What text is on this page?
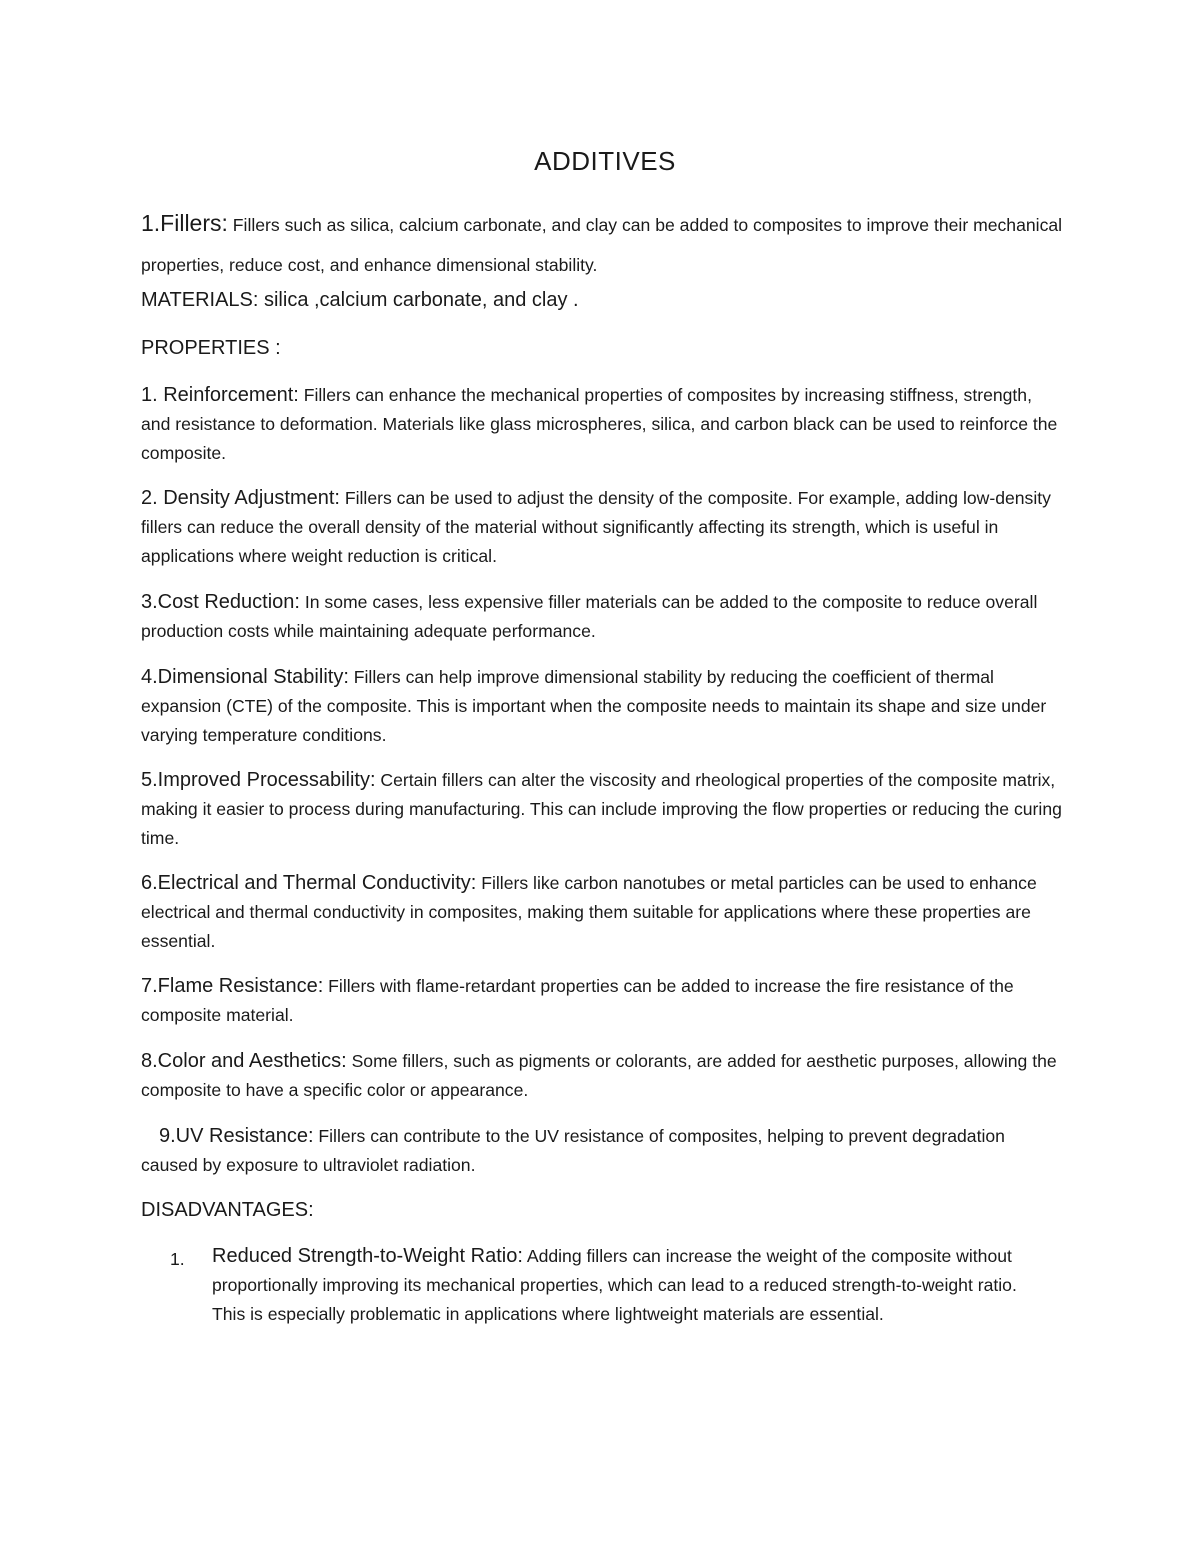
ADDITIVES
1.Fillers: Fillers such as silica, calcium carbonate, and clay can be added to composites to improve their mechanical properties, reduce cost, and enhance dimensional stability.
MATERIALS: silica ,calcium carbonate, and clay .
PROPERTIES :
1. Reinforcement: Fillers can enhance the mechanical properties of composites by increasing stiffness, strength, and resistance to deformation. Materials like glass microspheres, silica, and carbon black can be used to reinforce the composite.
2. Density Adjustment: Fillers can be used to adjust the density of the composite. For example, adding low-density fillers can reduce the overall density of the material without significantly affecting its strength, which is useful in applications where weight reduction is critical.
3.Cost Reduction: In some cases, less expensive filler materials can be added to the composite to reduce overall production costs while maintaining adequate performance.
4.Dimensional Stability: Fillers can help improve dimensional stability by reducing the coefficient of thermal expansion (CTE) of the composite. This is important when the composite needs to maintain its shape and size under varying temperature conditions.
5.Improved Processability: Certain fillers can alter the viscosity and rheological properties of the composite matrix, making it easier to process during manufacturing. This can include improving the flow properties or reducing the curing time.
6.Electrical and Thermal Conductivity: Fillers like carbon nanotubes or metal particles can be used to enhance electrical and thermal conductivity in composites, making them suitable for applications where these properties are essential.
7.Flame Resistance: Fillers with flame-retardant properties can be added to increase the fire resistance of the composite material.
8.Color and Aesthetics: Some fillers, such as pigments or colorants, are added for aesthetic purposes, allowing the composite to have a specific color or appearance.
9.UV Resistance: Fillers can contribute to the UV resistance of composites, helping to prevent degradation caused by exposure to ultraviolet radiation.
DISADVANTAGES:
1. Reduced Strength-to-Weight Ratio: Adding fillers can increase the weight of the composite without proportionally improving its mechanical properties, which can lead to a reduced strength-to-weight ratio. This is especially problematic in applications where lightweight materials are essential.
